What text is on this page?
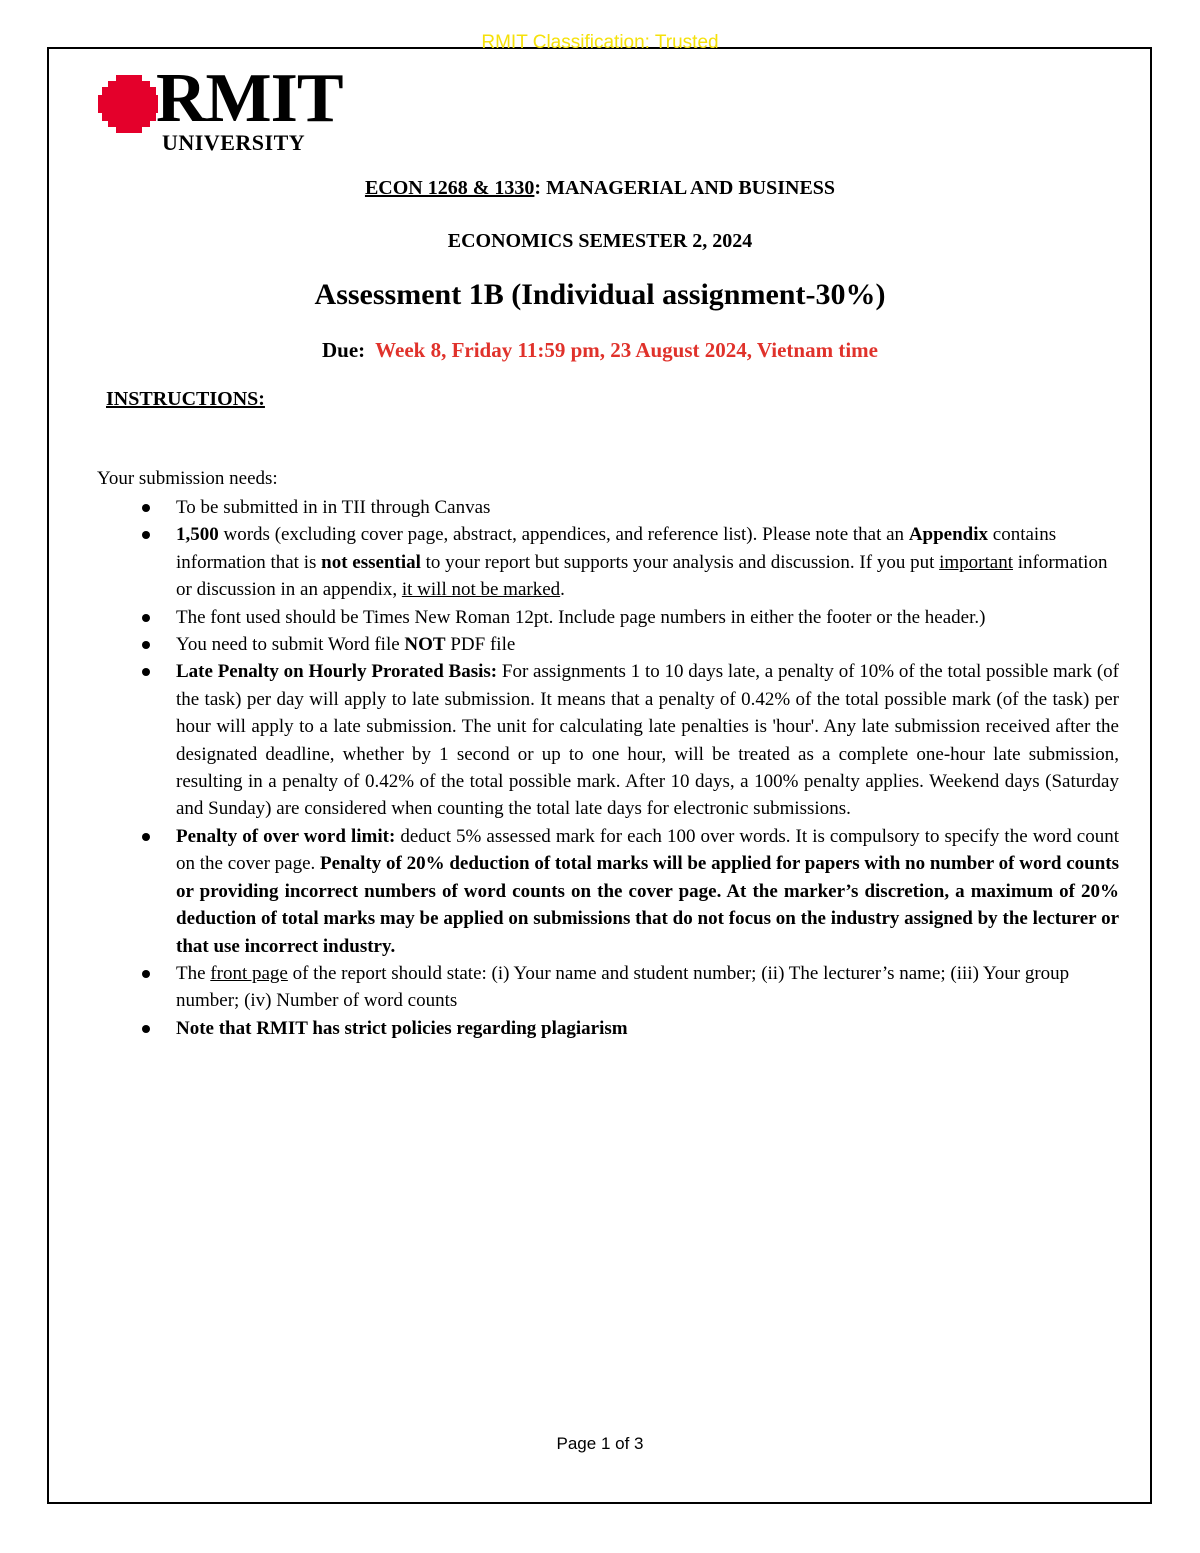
RMIT Classification: Trusted
RMIT
UNIVERSITY
ECON 1268 & 1330: MANAGERIAL AND BUSINESS
ECONOMICS SEMESTER 2, 2024
Assessment 1B (Individual assignment-30%)
Due: Week 8, Friday 11:59 pm, 23 August 2024, Vietnam time
INSTRUCTIONS:
Your submission needs:
To be submitted in in TII through Canvas
1,500 words (excluding cover page, abstract, appendices, and reference list). Please note that an Appendix contains information that is not essential to your report but supports your analysis and discussion. If you put important information or discussion in an appendix, it will not be marked.
The font used should be Times New Roman 12pt. Include page numbers in either the footer or the header.)
You need to submit Word file NOT PDF file
Late Penalty on Hourly Prorated Basis: For assignments 1 to 10 days late, a penalty of 10% of the total possible mark (of the task) per day will apply to late submission. It means that a penalty of 0.42% of the total possible mark (of the task) per hour will apply to a late submission. The unit for calculating late penalties is 'hour'. Any late submission received after the designated deadline, whether by 1 second or up to one hour, will be treated as a complete one-hour late submission, resulting in a penalty of 0.42% of the total possible mark. After 10 days, a 100% penalty applies. Weekend days (Saturday and Sunday) are considered when counting the total late days for electronic submissions.
Penalty of over word limit: deduct 5% assessed mark for each 100 over words. It is compulsory to specify the word count on the cover page. Penalty of 20% deduction of total marks will be applied for papers with no number of word counts or providing incorrect numbers of word counts on the cover page. At the marker’s discretion, a maximum of 20% deduction of total marks may be applied on submissions that do not focus on the industry assigned by the lecturer or that use incorrect industry.
The front page of the report should state: (i) Your name and student number; (ii) The lecturer’s name; (iii) Your group number; (iv) Number of word counts
Note that RMIT has strict policies regarding plagiarism
Page 1 of 3
